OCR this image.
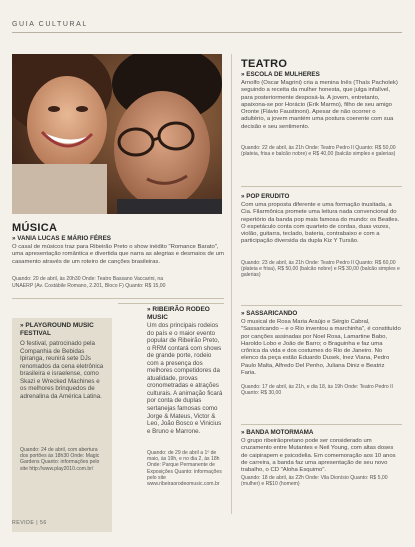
GUIA CULTURAL
MÚSICA
» VANIA LUCAS E MÁRIO FÉRES
O casal de músicos traz para Ribeirão Preto o show inédito "Romance Barato", uma apresentação romântica e divertida que narra as alegrias e desmaios de um casamento através de um roteiro de canções brasileiras.
Quando: 20 de abril, às 20h30 Onde: Teatro Bassano Vaccarini, na
UNAERP (Av. Costábile Romano, 2.201, Bloco F) Quanto: R$ 15,00
» PLAYGROUND MUSIC FESTIVAL
O festival, patrocinado pela Companhia de Bebidas Ipiranga, reunirá sete DJs renomados da cena eletrônica brasileira e israelense, como Skazi e Wrecked Machines e os melhores brinquedos de adrenalina da América Latina.
Quando: 24 de abril, com abertura dos portões às 18h30 Onde: Magic Gardens Quanto: informações pelo site http://www.play2010.com.br/
» RIBEIRÃO RODEO MUSIC
Um dos principais rodeios do país e o maior evento popular de Ribeirão Preto, o RRM contará com shows de grande porte, rodeio com a presença dos melhores competidores da atualidade, provas cronometradas e atrações culturais. A animação ficará por conta de duplas sertanejas famosas como Jorge & Mateus, Victor & Leo, João Bosco e Vinicius e Bruno e Marrone.
Quando: de 29 de abril a 1º de maio, às 19h, e no dia 2, às 18h Onde: Parque Permanente de Exposições Quanto: informações pelo site www.ribeiraorodeomusic.com.br
TEATRO
» ESCOLA DE MULHERES
Arnolfo (Oscar Magrini) cria a menina Inês (Thaís Pacholek) seguindo a receita da mulher honesta, que julga infalível, para posteriormente desposá-la. A jovem, entretanto, apaixona-se por Horácio (Erik Marmo), filho de seu amigo Oronte (Flávio Faustinoni). Apesar de não ocorrer o adultério, a jovem mantém uma postura coerente com sua decisão e seu sentimento.
Quando: 22 de abril, às 21h Onde: Teatro Pedro II Quanto: R$ 50,00 (plateia, frisa e balcão nobre) e R$ 40,00 (balcão simples e galerias)
» POP ERUDITO
Com uma proposta diferente e uma formação inusitada, a Cia. Filarmônica promete uma leitura nada convencional do repertório da banda pop mais famosa do mundo: os Beatles. O espetáculo conta com quarteto de cordas, duas vozes, violão, guitarra, teclado, bateria, contrabaixo e com a participação diversida da dupla Kiz Y Tursão.
Quando: 23 de abril, às 21h Onde: Teatro Pedro II Quanto: R$ 60,00 (plateia e frisa), R$ 50,00 (balcão nobre) e R$ 30,00 (balcão simples e galerias)
» SASSARICANDO
O musical de Rosa Maria Araújo e Sérgio Cabral, "Sassaricando – e o Rio inventou a marchinha", é constituído por canções assinadas por Noel Rosa, Lamartine Babo, Haroldo Lobo e João de Barro; o Braguinha e faz uma crônica da vida e dos costumes do Rio de Janeiro. No elenco da peça estão Eduardo Dusek, Inez Viana, Pedro Paulo Malta, Alfredo Del Penho, Juliana Diniz e Beatriz Faria.
Quando: 17 de abril, às 21h, e dia 18, às 19h Onde: Teatro Pedro II Quanto: R$ 30,00
» BANDA MOTORMAMA
O grupo ribeirãopretano pode ser considerado um cruzamento entre Mutantes e Neil Young, com altas doses de caipirapem e psicodelia. Em comemoração aos 10 anos de carreira, a banda faz uma apresentação de seu novo trabalho, o CD "Aloha Esquimo".
Quando: 18 de abril, às 22h Onde: Vila Dionísio Quanto: R$ 5,00 (mulher) e R$10 (homem)
REVIDE | 56
